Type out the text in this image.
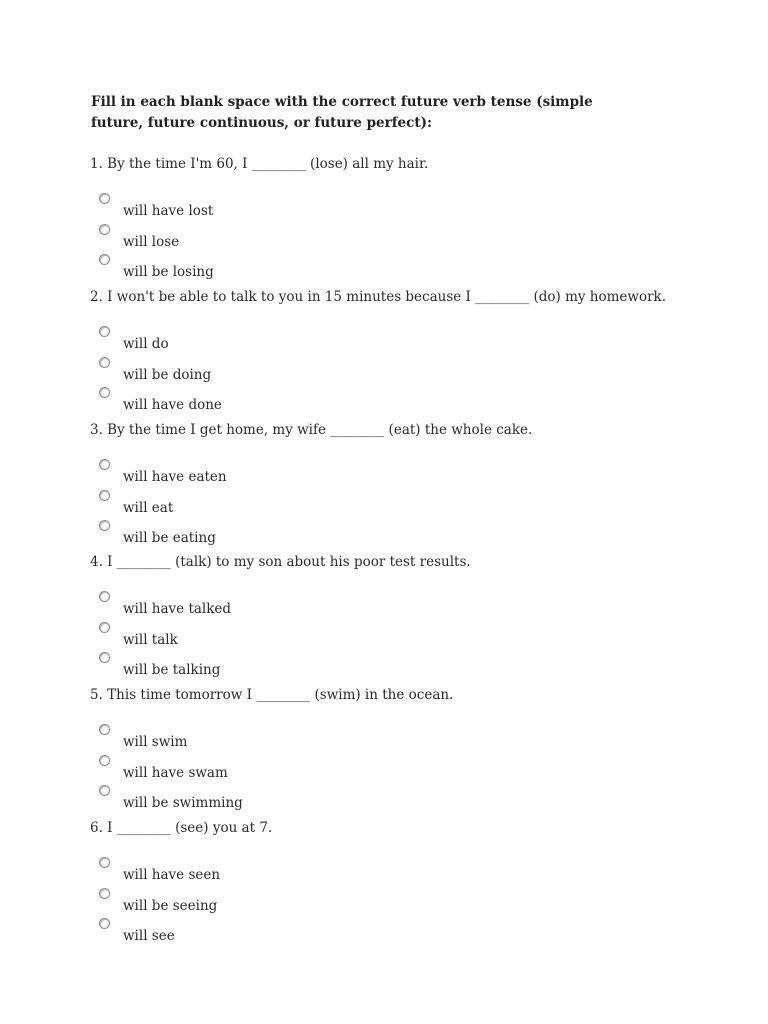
Fill in each blank space with the correct future verb tense (simple future, future continuous, or future perfect):

1. By the time I'm 60, I ________ (lose) all my hair.

will have lost
will lose
will be losing

2. I won't be able to talk to you in 15 minutes because I ________ (do) my homework.

will do
will be doing
will have done

3. By the time I get home, my wife ________ (eat) the whole cake.

will have eaten
will eat
will be eating

4. I ________ (talk) to my son about his poor test results.

will have talked
will talk
will be talking

5. This time tomorrow I ________ (swim) in the ocean.

will swim
will have swam
will be swimming

6. I ________ (see) you at 7.

will have seen
will be seeing
will see
